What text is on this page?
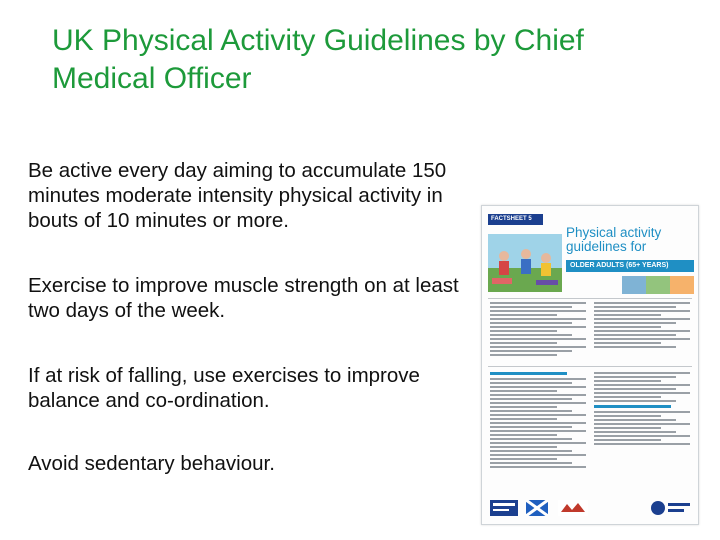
UK Physical Activity Guidelines by Chief Medical Officer

Be active every day aiming to accumulate 150 minutes moderate intensity physical activity in bouts of 10 minutes or more.

Exercise to improve muscle strength on at least two days of the week.

If at risk of falling, use exercises to improve balance and co-ordination.

Avoid sedentary behaviour.

FACTSHEET 5
Physical activity guidelines for
OLDER ADULTS (65+ YEARS)
